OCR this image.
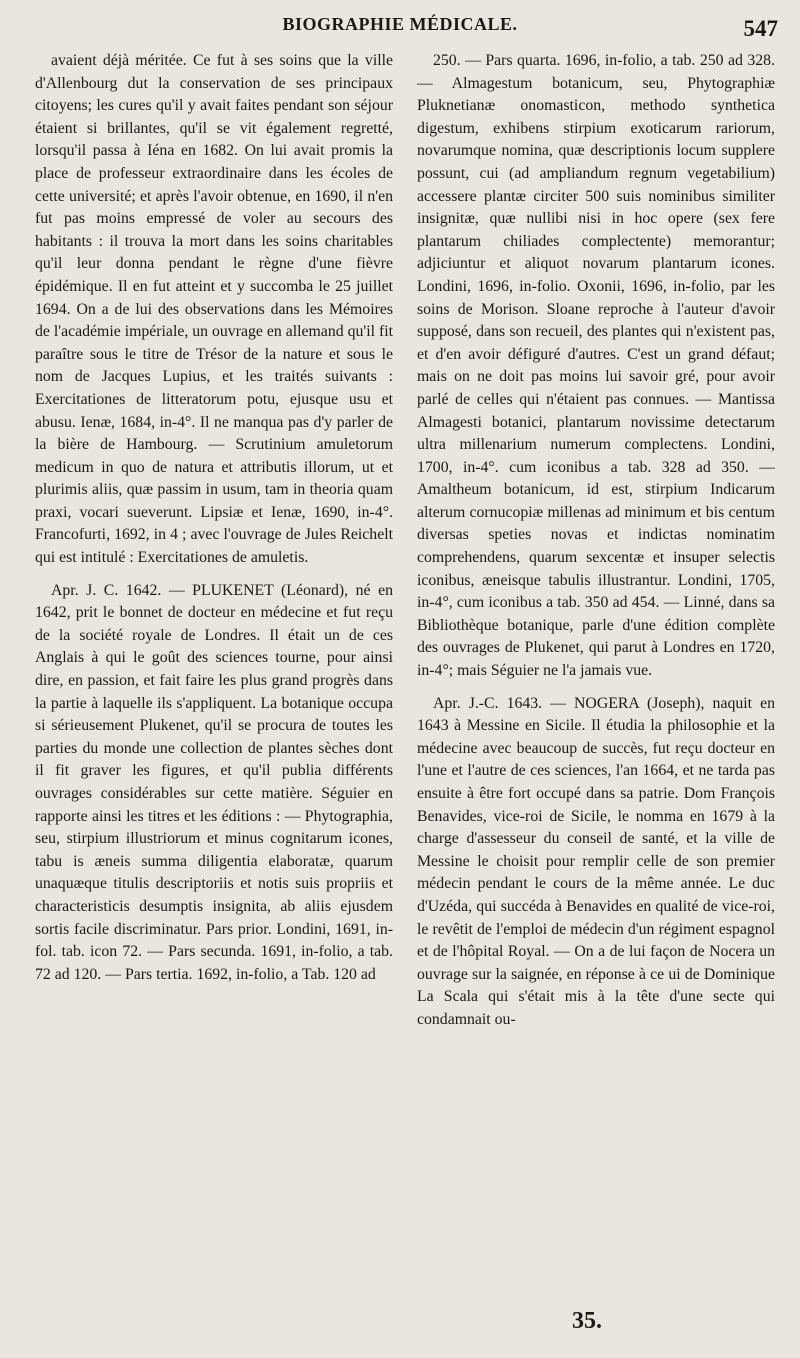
BIOGRAPHIE MÉDICALE.	547

avaient déjà méritée. Ce fut à ses soins que la ville d'Allenbourg dut la conservation de ses principaux citoyens; les cures qu'il y avait faites pendant son séjour étaient si brillantes, qu'il se vit également regretté, lorsqu'il passa à Iéna en 1682. On lui avait promis la place de professeur extraordinaire dans les écoles de cette université; et après l'avoir obtenue, en 1690, il n'en fut pas moins empressé de voler au secours des habitants : il trouva la mort dans les soins charitables qu'il leur donna pendant le règne d'une fièvre épidémique. Il en fut atteint et y succomba le 25 juillet 1694. On a de lui des observations dans les Mémoires de l'académie impériale, un ouvrage en allemand qu'il fit paraître sous le titre de Trésor de la nature et sous le nom de Jacques Lupius, et les traités suivants : Exercitationes de litteratorum potu, ejusque usu et abusu. Ienæ, 1684, in-4°. Il ne manqua pas d'y parler de la bière de Hambourg. — Scrutinium amuletorum medicum in quo de natura et attributis illorum, ut et plurimis aliis, quæ passim in usum, tam in theoria quam praxi, vocari sueverunt. Lipsiæ et Ienæ, 1690, in-4°. Francofurti, 1692, in 4 ; avec l'ouvrage de Jules Reichelt qui est intitulé : Exercitationes de amuletis.

Apr. J. C. 1642. — PLUKENET (Léonard), né en 1642, prit le bonnet de docteur en médecine et fut reçu de la société royale de Londres. Il était un de ces Anglais à qui le goût des sciences tourne, pour ainsi dire, en passion, et fait faire les plus grand progrès dans la partie à laquelle ils s'appliquent. La botanique occupa si sérieusement Plukenet, qu'il se procura de toutes les parties du monde une collection de plantes sèches dont il fit graver les figures, et qu'il publia différents ouvrages considérables sur cette matière. Séguier en rapporte ainsi les titres et les éditions : — Phytographia, seu, stirpium illustriorum et minus cognitarum icones, tabu is æneis summa diligentia elaboratæ, quarum unaquæque titulis descriptoriis et notis suis propriis et characteristicis desumptis insignita, ab aliis ejusdem sortis facile discriminatur. Pars prior. Londini, 1691, in-fol. tab. icon 72. — Pars secunda. 1691, in-folio, a tab. 72 ad 120. — Pars tertia. 1692, in-folio, a Tab. 120 ad

250. — Pars quarta. 1696, in-folio, a tab. 250 ad 328. — Almagestum botanicum, seu, Phytographiæ Pluknetianæ onomasticon, methodo synthetica digestum, exhibens stirpium exoticarum rariorum, novarumque nomina, quæ descriptionis locum supplere possunt, cui (ad ampliandum regnum vegetabilium) accessere plantæ circiter 500 suis nominibus similiter insignitæ, quæ nullibi nisi in hoc opere (sex fere plantarum chiliades complectente) memorantur; adjiciuntur et aliquot novarum plantarum icones. Londini, 1696, in-folio. Oxonii, 1696, in-folio, par les soins de Morison. Sloane reproche à l'auteur d'avoir supposé, dans son recueil, des plantes qui n'existent pas, et d'en avoir défiguré d'autres. C'est un grand défaut; mais on ne doit pas moins lui savoir gré, pour avoir parlé de celles qui n'étaient pas connues. — Mantissa Almagesti botanici, plantarum novissime detectarum ultra millenarium numerum complectens. Londini, 1700, in-4°. cum iconibus a tab. 328 ad 350. — Amaltheum botanicum, id est, stirpium Indicarum alterum cornucopiæ millenas ad minimum et bis centum diversas speties novas et indictas nominatim comprehendens, quarum sexcentæ et insuper selectis iconibus, æneisque tabulis illustrantur. Londini, 1705, in-4°, cum iconibus a tab. 350 ad 454. — Linné, dans sa Bibliothèque botanique, parle d'une édition complète des ouvrages de Plukenet, qui parut à Londres en 1720, in-4°; mais Séguier ne l'a jamais vue.

Apr. J.-C. 1643. — NOGERA (Joseph), naquit en 1643 à Messine en Sicile. Il étudia la philosophie et la médecine avec beaucoup de succès, fut reçu docteur en l'une et l'autre de ces sciences, l'an 1664, et ne tarda pas ensuite à être fort occupé dans sa patrie. Dom François Benavides, vice-roi de Sicile, le nomma en 1679 à la charge d'assesseur du conseil de santé, et la ville de Messine le choisit pour remplir celle de son premier médecin pendant le cours de la même année. Le duc d'Uzéda, qui succéda à Benavides en qualité de vice-roi, le revêtit de l'emploi de médecin d'un régiment espagnol et de l'hôpital Royal. — On a de lui façon de Nocera un ouvrage sur la saignée, en réponse à ce ui de Dominique La Scala qui s'était mis à la tête d'une secte qui condamnait ou-

35.
